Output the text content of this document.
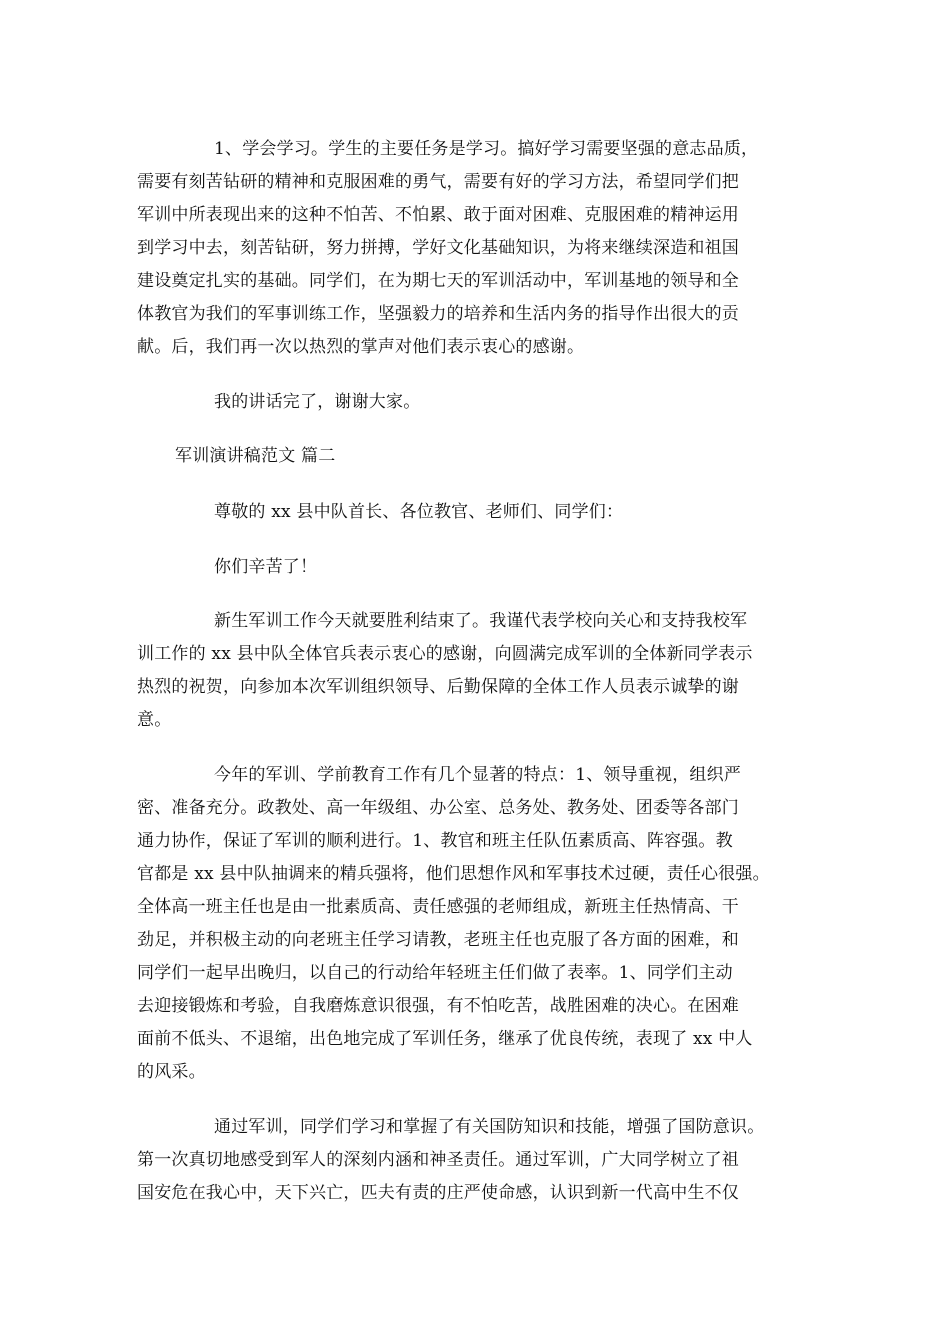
1、学会学习。学生的主要任务是学习。搞好学习需要坚强的意志品质，
需要有刻苦钻研的精神和克服困难的勇气，需要有好的学习方法，希望同学们把
军训中所表现出来的这种不怕苦、不怕累、敢于面对困难、克服困难的精神运用
到学习中去，刻苦钻研，努力拼搏，学好文化基础知识，为将来继续深造和祖国
建设奠定扎实的基础。同学们，在为期七天的军训活动中，军训基地的领导和全
体教官为我们的军事训练工作，坚强毅力的培养和生活内务的指导作出很大的贡
献。后，我们再一次以热烈的掌声对他们表示衷心的感谢。
我的讲话完了，谢谢大家。
军训演讲稿范文 篇二
尊敬的 xx 县中队首长、各位教官、老师们、同学们：
你们辛苦了！
新生军训工作今天就要胜利结束了。我谨代表学校向关心和支持我校军
训工作的 xx 县中队全体官兵表示衷心的感谢，向圆满完成军训的全体新同学表示
热烈的祝贺，向参加本次军训组织领导、后勤保障的全体工作人员表示诚挚的谢
意。
今年的军训、学前教育工作有几个显著的特点：1、领导重视，组织严
密、准备充分。政教处、高一年级组、办公室、总务处、教务处、团委等各部门
通力协作，保证了军训的顺利进行。1、教官和班主任队伍素质高、阵容强。教
官都是 xx 县中队抽调来的精兵强将，他们思想作风和军事技术过硬，责任心很强。
全体高一班主任也是由一批素质高、责任感强的老师组成，新班主任热情高、干
劲足，并积极主动的向老班主任学习请教，老班主任也克服了各方面的困难，和
同学们一起早出晚归，以自己的行动给年轻班主任们做了表率。1、同学们主动
去迎接锻炼和考验，自我磨炼意识很强，有不怕吃苦，战胜困难的决心。在困难
面前不低头、不退缩，出色地完成了军训任务，继承了优良传统，表现了 xx 中人
的风采。
通过军训，同学们学习和掌握了有关国防知识和技能，增强了国防意识。
第一次真切地感受到军人的深刻内涵和神圣责任。通过军训，广大同学树立了祖
国安危在我心中，天下兴亡，匹夫有责的庄严使命感，认识到新一代高中生不仅
